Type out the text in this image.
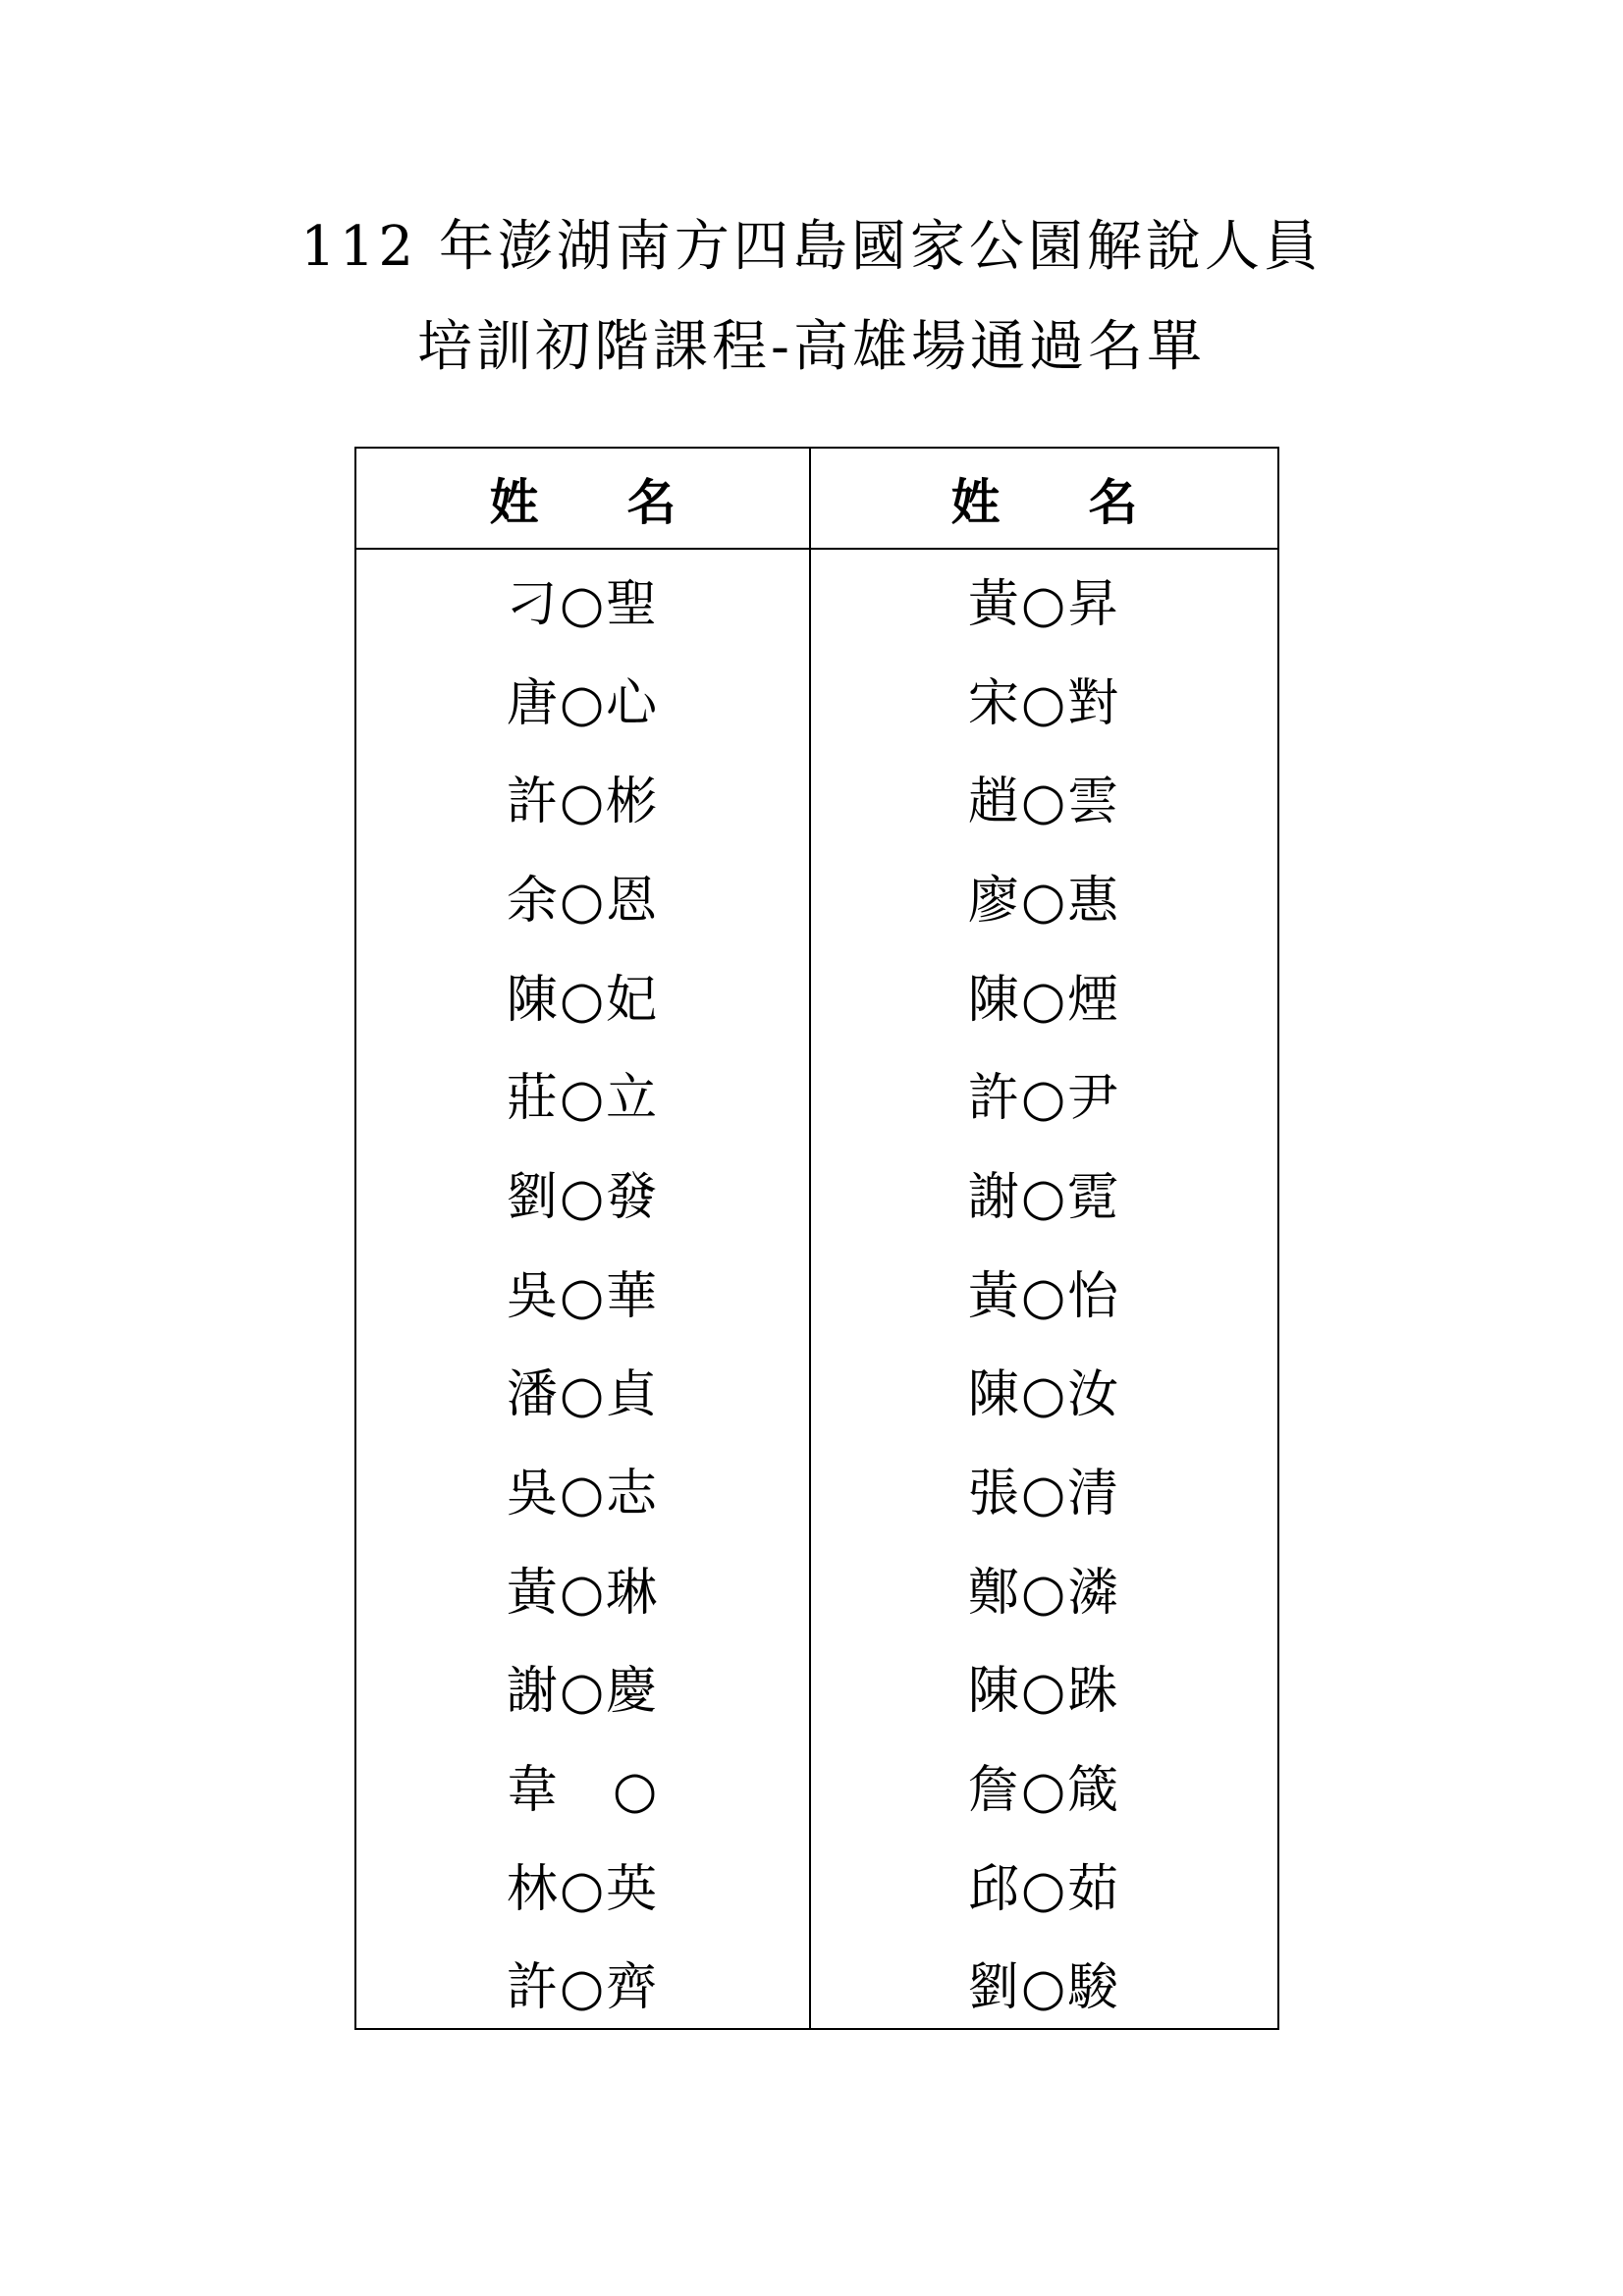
112 年澎湖南方四島國家公園解說人員
培訓初階課程-高雄場通過名單
姓　名
刁○聖
唐○心
許○彬
余○恩
陳○妃
莊○立
劉○發
吳○華
潘○貞
吳○志
黃○琳
謝○慶
韋　○
林○英
許○齊
姓　名
黃○昇
宋○對
趙○雲
廖○惠
陳○煙
許○尹
謝○霓
黃○怡
陳○汝
張○清
鄭○潾
陳○跦
詹○箴
邱○茹
劉○駿
